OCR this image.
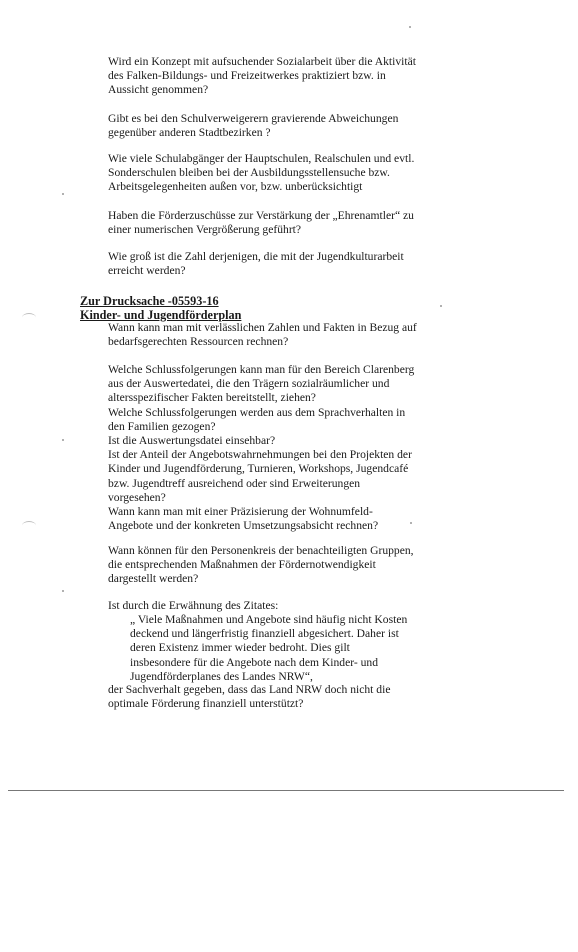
Wird ein Konzept mit aufsuchender Sozialarbeit über die Aktivität
des Falken-Bildungs- und Freizeitwerkes praktiziert bzw. in
Aussicht genommen?
Gibt es bei den Schulverweigerern gravierende Abweichungen
gegenüber anderen Stadtbezirken ?
Wie viele Schulabgänger der Hauptschulen, Realschulen und evtl.
Sonderschulen bleiben bei der Ausbildungsstellensuche bzw.
Arbeitsgelegenheiten außen vor, bzw. unberücksichtigt
Haben die Förderzuschüsse zur Verstärkung der „Ehrenamtler“ zu
einer numerischen Vergrößerung geführt?
Wie groß ist die Zahl derjenigen, die mit der Jugendkulturarbeit
erreicht werden?
Zur Drucksache -05593-16
Kinder- und Jugendförderplan
Wann kann man mit verlässlichen Zahlen und Fakten in Bezug auf
bedarfsgerechten Ressourcen rechnen?
Welche Schlussfolgerungen kann man für den Bereich Clarenberg
aus der Auswertedatei, die den Trägern sozialräumlicher und
altersspezifischer Fakten bereitstellt, ziehen?
Welche Schlussfolgerungen werden aus dem Sprachverhalten in
den Familien gezogen?
Ist die Auswertungsdatei einsehbar?
Ist der Anteil der Angebotswahrnehmungen bei den Projekten der
Kinder und Jugendförderung, Turnieren, Workshops, Jugendcafé
bzw. Jugendtreff ausreichend oder sind Erweiterungen
vorgesehen?
Wann kann man mit einer Präzisierung der Wohnumfeld-
Angebote und der konkreten Umsetzungsabsicht rechnen?
Wann können für den Personenkreis der benachteiligten Gruppen,
die entsprechenden Maßnahmen der Fördernotwendigkeit
dargestellt werden?
Ist durch die Erwähnung des Zitates:
„ Viele Maßnahmen und Angebote sind häufig nicht Kosten
deckend und längerfristig finanziell abgesichert. Daher ist
deren Existenz immer wieder bedroht. Dies gilt
insbesondere für die Angebote nach dem Kinder- und
Jugendförderplanes des Landes NRW“,
der Sachverhalt gegeben, dass das Land NRW doch nicht die
optimale Förderung finanziell unterstützt?
